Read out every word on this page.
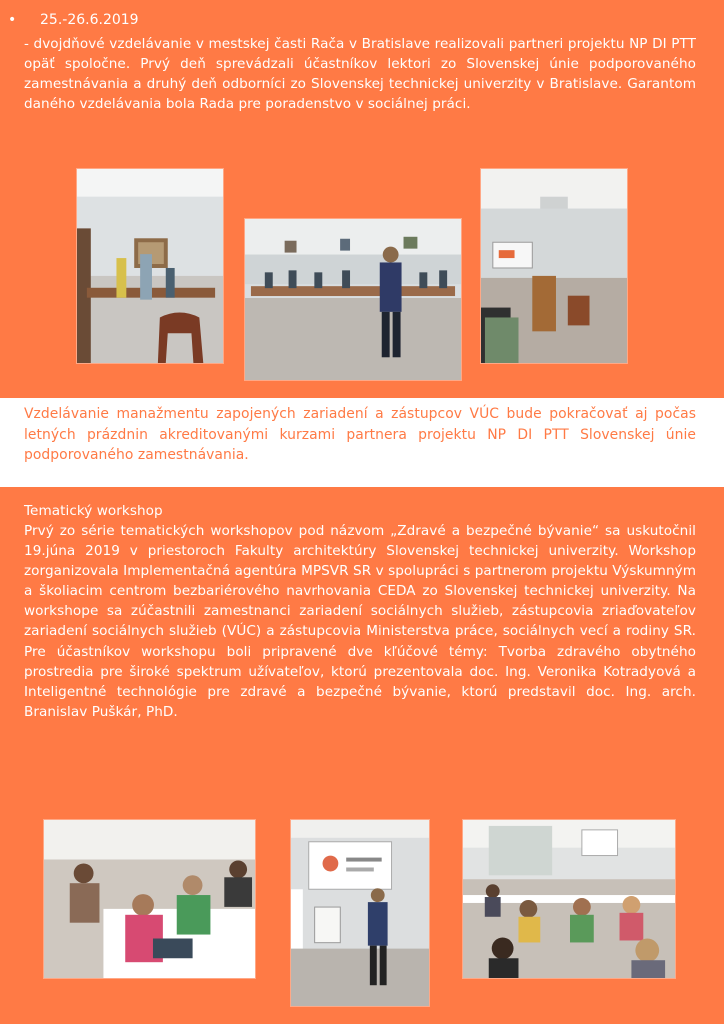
• 25.-26.6.2019
- dvojdňové vzdelávanie v mestskej časti Rača v Bratislave realizovali partneri projektu NP DI PTT opäť spoločne. Prvý deň sprevádzali účastníkov lektori zo Slovenskej únie podporovaného zamestnávania a druhý deň odborníci zo Slovenskej technickej univerzity v Bratislave. Garantom daného vzdelávania bola Rada pre poradenstvo v sociálnej práci.
Vzdelávanie manažmentu zapojených zariadení a zástupcov VÚC bude pokračovať aj počas letných prázdnin akreditovanými kurzami partnera projektu NP DI PTT Slovenskej únie podporovaného zamestnávania.
Tematický workshop
Prvý zo série tematických workshopov pod názvom „Zdravé a bezpečné bývanie“ sa uskutočnil 19.júna 2019 v priestoroch Fakulty architektúry Slovenskej technickej univerzity. Workshop zorganizovala Implementačná agentúra MPSVR SR v spolupráci s partnerom projektu Výskumným a školiacim centrom bezbariérového navrhovania CEDA zo Slovenskej technickej univerzity. Na workshope sa zúčastnili zamestnanci zariadení sociálnych služieb, zástupcovia zriaďovateľov zariadení sociálnych služieb (VÚC) a zástupcovia Ministerstva práce, sociálnych vecí a rodiny SR. Pre účastníkov workshopu boli pripravené dve kľúčové témy: Tvorba zdravého obytného prostredia pre široké spektrum užívateľov, ktorú prezentovala doc. Ing. Veronika Kotradyová a Inteligentné technológie pre zdravé a bezpečné bývanie, ktorú predstavil doc. Ing. arch. Branislav Puškár, PhD.
